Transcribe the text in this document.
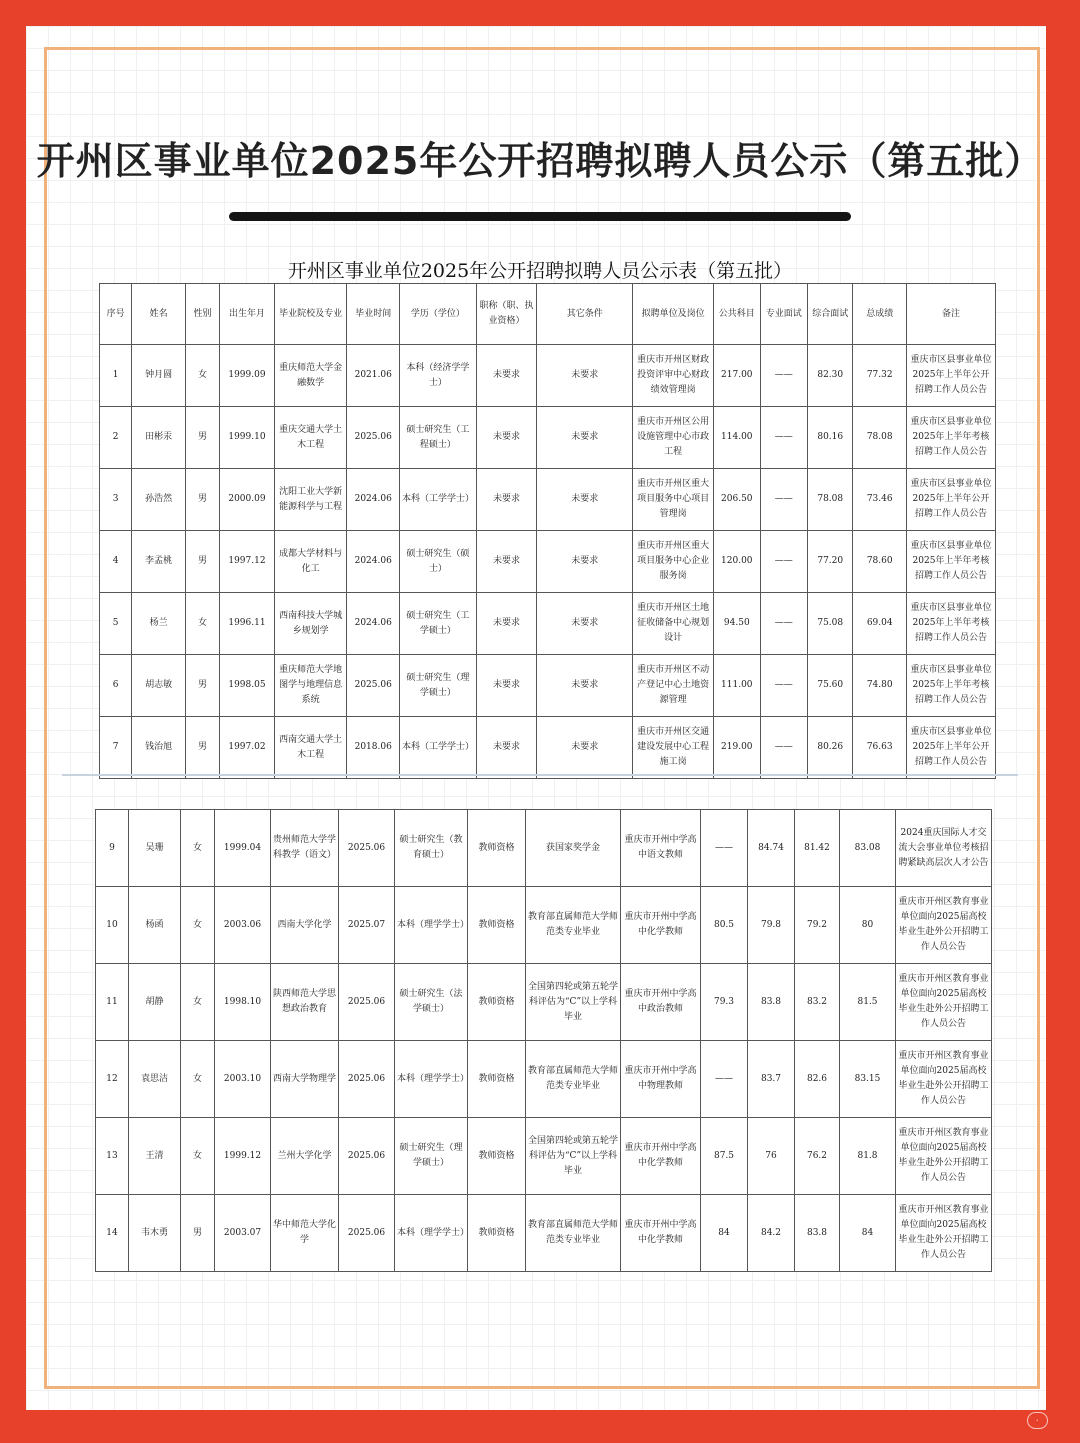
开州区事业单位2025年公开招聘拟聘人员公示（第五批）
开州区事业单位2025年公开招聘拟聘人员公示表（第五批）
序号	姓名	性别	出生年月	毕业院校及专业	毕业时间	学历（学位）	职称（职、执业资格）	其它条件	拟聘单位及岗位	公共科目	专业面试	综合面试	总成绩	备注
1	钟月圆	女	1999.09	重庆师范大学金融数学	2021.06	本科（经济学学士）	未要求	未要求	重庆市开州区财政投资评审中心财政绩效管理岗	217.00	——	82.30	77.32	重庆市区县事业单位2025年上半年公开招聘工作人员公告
2	田彬汞	男	1999.10	重庆交通大学土木工程	2025.06	硕士研究生（工程硕士）	未要求	未要求	重庆市开州区公用设施管理中心市政工程	114.00	——	80.16	78.08	重庆市区县事业单位2025年上半年考核招聘工作人员公告
3	孙浩然	男	2000.09	沈阳工业大学新能源科学与工程	2024.06	本科（工学学士）	未要求	未要求	重庆市开州区重大项目服务中心项目管理岗	206.50	——	78.08	73.46	重庆市区县事业单位2025年上半年公开招聘工作人员公告
4	李孟桃	男	1997.12	成都大学材料与化工	2024.06	硕士研究生（硕士）	未要求	未要求	重庆市开州区重大项目服务中心企业服务岗	120.00	——	77.20	78.60	重庆市区县事业单位2025年上半年考核招聘工作人员公告
5	杨兰	女	1996.11	西南科技大学城乡规划学	2024.06	硕士研究生（工学硕士）	未要求	未要求	重庆市开州区土地征收储备中心规划设计	94.50	——	75.08	69.04	重庆市区县事业单位2025年上半年考核招聘工作人员公告
6	胡志敏	男	1998.05	重庆师范大学地图学与地理信息系统	2025.06	硕士研究生（理学硕士）	未要求	未要求	重庆市开州区不动产登记中心土地资源管理	111.00	——	75.60	74.80	重庆市区县事业单位2025年上半年考核招聘工作人员公告
7	钱治旭	男	1997.02	西南交通大学土木工程	2018.06	本科（工学学士）	未要求	未要求	重庆市开州区交通建设发展中心工程施工岗	219.00	——	80.26	76.63	重庆市区县事业单位2025年上半年公开招聘工作人员公告
9	吴珊	女	1999.04	贵州师范大学学科教学（语文）	2025.06	硕士研究生（教育硕士）	教师资格	获国家奖学金	重庆市开州中学高中语文教师	——	84.74	81.42	83.08	2024重庆国际人才交流大会事业单位考核招聘紧缺高层次人才公告
10	杨函	女	2003.06	西南大学化学	2025.07	本科（理学学士）	教师资格	教育部直属师范大学师范类专业毕业	重庆市开州中学高中化学教师	80.5	79.8	79.2	80	重庆市开州区教育事业单位面向2025届高校毕业生赴外公开招聘工作人员公告
11	胡静	女	1998.10	陕西师范大学思想政治教育	2025.06	硕士研究生（法学硕士）	教师资格	全国第四轮或第五轮学科评估为“C”以上学科毕业	重庆市开州中学高中政治教师	79.3	83.8	83.2	81.5	重庆市开州区教育事业单位面向2025届高校毕业生赴外公开招聘工作人员公告
12	袁思洁	女	2003.10	西南大学物理学	2025.06	本科（理学学士）	教师资格	教育部直属师范大学师范类专业毕业	重庆市开州中学高中物理教师	——	83.7	82.6	83.15	重庆市开州区教育事业单位面向2025届高校毕业生赴外公开招聘工作人员公告
13	王清	女	1999.12	兰州大学化学	2025.06	硕士研究生（理学硕士）	教师资格	全国第四轮或第五轮学科评估为“C”以上学科毕业	重庆市开州中学高中化学教师	87.5	76	76.2	81.8	重庆市开州区教育事业单位面向2025届高校毕业生赴外公开招聘工作人员公告
14	韦木勇	男	2003.07	华中师范大学化学	2025.06	本科（理学学士）	教师资格	教育部直属师范大学师范类专业毕业	重庆市开州中学高中化学教师	84	84.2	83.8	84	重庆市开州区教育事业单位面向2025届高校毕业生赴外公开招聘工作人员公告
·
